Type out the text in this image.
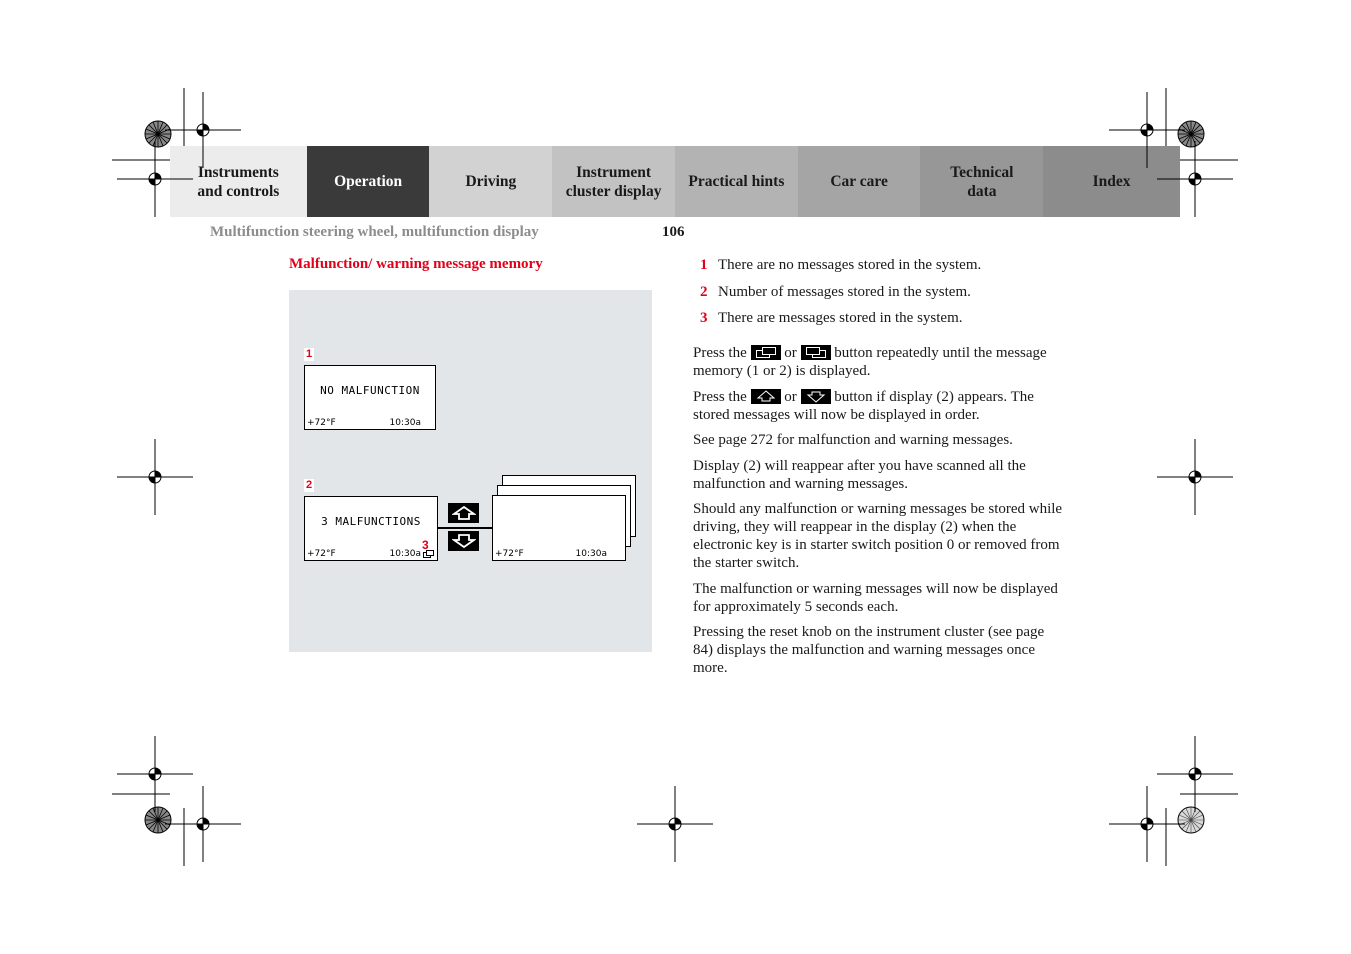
Instruments
and controls
Operation	Driving
Instrument
cluster display
Practical hints	Car care
Technical
data
Index
Multifunction steering wheel, multifunction display	106
Malfunction/ warning message memory
1
NO MALFUNCTION
+72°F	10:30a
2
3 MALFUNCTIONS
+72°F	10:30a
3
+72°F	10:30a
1 There are no messages stored in the system.
2 Number of messages stored in the system.
3 There are messages stored in the system.

Press the
or
button repeatedly until the message memory (1 or 2) is displayed.

Press the
or
button if display (2) appears. The stored messages will now be displayed in order.

See page 272 for malfunction and warning messages.

Display (2) will reappear after you have scanned all the malfunction and warning messages.

Should any malfunction or warning messages be stored while driving, they will reappear in the display (2) when the electronic key is in starter switch position 0 or removed from the starter switch.

The malfunction or warning messages will now be displayed for approximately 5 seconds each.

Pressing the reset knob on the instrument cluster (see page 84) displays the malfunction and warning messages once more.
